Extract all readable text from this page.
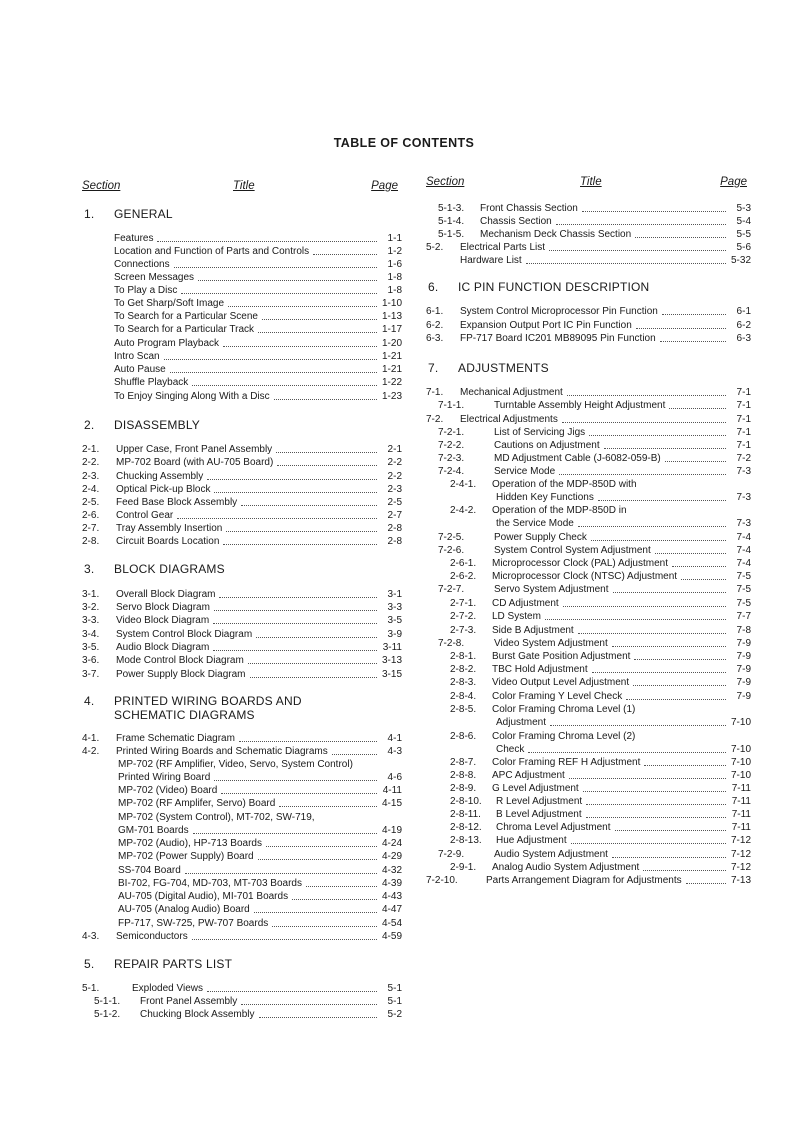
TABLE OF CONTENTS
Section	Title	Page
1. GENERAL
Features	1-1
Location and Function of Parts and Controls	1-2
Connections	1-6
Screen Messages	1-8
To Play a Disc	1-8
To Get Sharp/Soft Image	1-10
To Search for a Particular Scene	1-13
To Search for a Particular Track	1-17
Auto Program Playback	1-20
Intro Scan	1-21
Auto Pause	1-21
Shuffle Playback	1-22
To Enjoy Singing Along With a Disc	1-23
2. DISASSEMBLY
2-1.	Upper Case, Front Panel Assembly	2-1
2-2.	MP-702 Board (with AU-705 Board)	2-2
2-3.	Chucking Assembly	2-2
2-4.	Optical Pick-up Block	2-3
2-5.	Feed Base Block Assembly	2-5
2-6.	Control Gear	2-7
2-7.	Tray Assembly Insertion	2-8
2-8.	Circuit Boards Location	2-8
3. BLOCK DIAGRAMS
3-1.	Overall Block Diagram	3-1
3-2.	Servo Block Diagram	3-3
3-3.	Video Block Diagram	3-5
3-4.	System Control Block Diagram	3-9
3-5.	Audio Block Diagram	3-11
3-6.	Mode Control Block Diagram	3-13
3-7.	Power Supply Block Diagram	3-15
4. PRINTED WIRING BOARDS AND
SCHEMATIC DIAGRAMS
4-1.	Frame Schematic Diagram	4-1
4-2.	Printed Wiring Boards and Schematic Diagrams	4-3
MP-702 (RF Amplifier, Video, Servo, System Control)
Printed Wiring Board	4-6
MP-702 (Video) Board	4-11
MP-702 (RF Amplifer, Servo) Board	4-15
MP-702 (System Control), MT-702, SW-719,
GM-701 Boards	4-19
MP-702 (Audio), HP-713 Boards	4-24
MP-702 (Power Supply) Board	4-29
SS-704 Board	4-32
BI-702, FG-704, MD-703, MT-703 Boards	4-39
AU-705 (Digital Audio), MI-701 Boards	4-43
AU-705 (Analog Audio) Board	4-47
FP-717, SW-725, PW-707 Boards	4-54
4-3.	Semiconductors	4-59
5. REPAIR PARTS LIST
5-1.	Exploded Views	5-1
5-1-1.	Front Panel Assembly	5-1
5-1-2.	Chucking Block Assembly	5-2
Section	Title	Page
5-1-3.	Front Chassis Section	5-3
5-1-4.	Chassis Section	5-4
5-1-5.	Mechanism Deck Chassis Section	5-5
5-2.	Electrical Parts List	5-6
Hardware List	5-32
6. IC PIN FUNCTION DESCRIPTION
6-1.	System Control Microprocessor Pin Function	6-1
6-2.	Expansion Output Port IC Pin Function	6-2
6-3.	FP-717 Board IC201 MB89095 Pin Function	6-3
7. ADJUSTMENTS
7-1.	Mechanical Adjustment	7-1
7-1-1.	Turntable Assembly Height Adjustment	7-1
7-2.	Electrical Adjustments	7-1
7-2-1.	List of Servicing Jigs	7-1
7-2-2.	Cautions on Adjustment	7-1
7-2-3.	MD Adjustment Cable (J-6082-059-B)	7-2
7-2-4.	Service Mode	7-3
2-4-1.	Operation of the MDP-850D with
Hidden Key Functions	7-3
2-4-2.	Operation of the MDP-850D in
the Service Mode	7-3
7-2-5.	Power Supply Check	7-4
7-2-6.	System Control System Adjustment	7-4
2-6-1.	Microprocessor Clock (PAL) Adjustment	7-4
2-6-2.	Microprocessor Clock (NTSC) Adjustment	7-5
7-2-7.	Servo System Adjustment	7-5
2-7-1.	CD Adjustment	7-5
2-7-2.	LD System	7-7
2-7-3.	Side B Adjustment	7-8
7-2-8.	Video System Adjustment	7-9
2-8-1.	Burst Gate Position Adjustment	7-9
2-8-2.	TBC Hold Adjustment	7-9
2-8-3.	Video Output Level Adjustment	7-9
2-8-4.	Color Framing Y Level Check	7-9
2-8-5.	Color Framing Chroma Level (1)
Adjustment	7-10
2-8-6.	Color Framing Chroma Level (2)
Check	7-10
2-8-7.	Color Framing REF H Adjustment	7-10
2-8-8.	APC Adjustment	7-10
2-8-9.	G Level Adjustment	7-11
2-8-10.	R Level Adjustment	7-11
2-8-11.	B Level Adjustment	7-11
2-8-12.	Chroma Level Adjustment	7-11
2-8-13.	Hue Adjustment	7-12
7-2-9.	Audio System Adjustment	7-12
2-9-1.	Analog Audio System Adjustment	7-12
7-2-10.	Parts Arrangement Diagram for Adjustments	7-13
